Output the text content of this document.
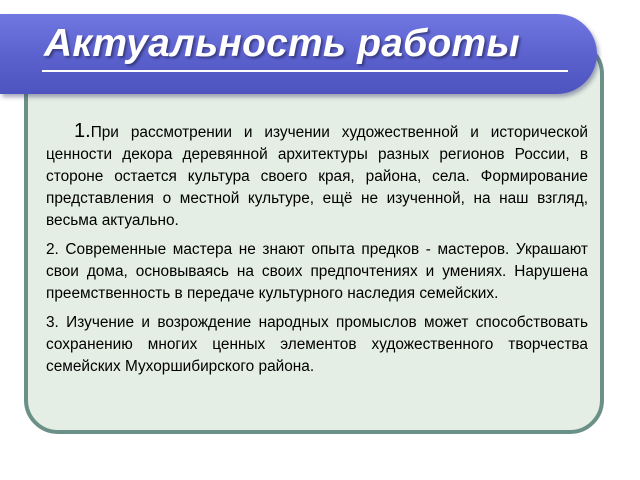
Актуальность работы

1.При рассмотрении и изучении художественной и исторической ценности декора деревянной архитектуры разных регионов России, в стороне остается культура своего края, района, села. Формирование представления о местной культуре, ещё не изученной, на наш взгляд, весьма актуально.

2. Современные мастера не знают опыта предков - мастеров. Украшают свои дома, основываясь на своих предпочтениях и умениях. Нарушена преемственность в передаче культурного наследия семейских.

3. Изучение и возрождение народных промыслов может способствовать сохранению многих ценных элементов художественного творчества семейских Мухоршибирского района.
